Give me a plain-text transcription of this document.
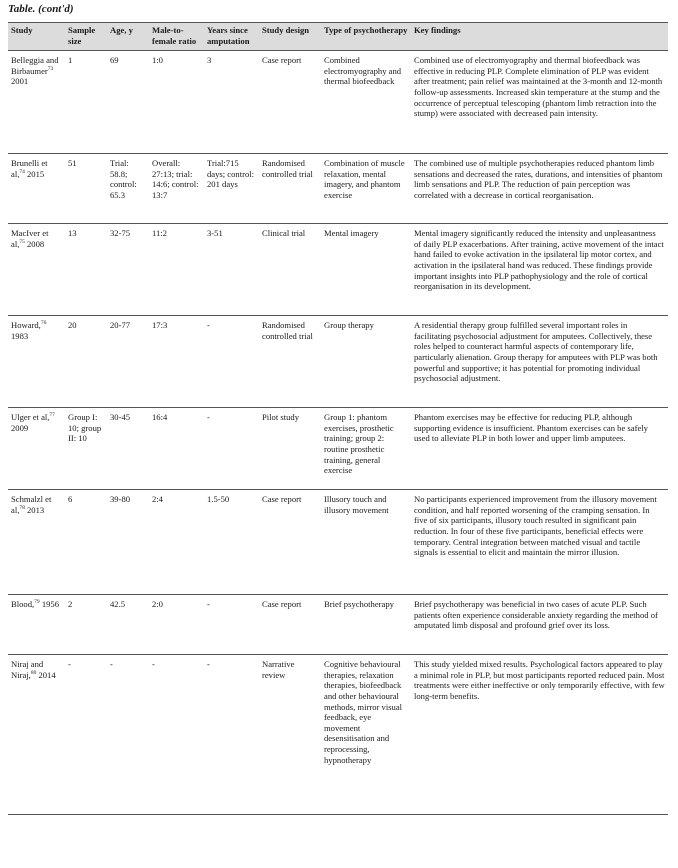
Table. (cont'd)
Study	Sample size	Age, y	Male-to-female ratio	Years since amputation	Study design	Type of psychotherapy	Key findings
Belleggia and Birbaumer$^{73}$ 2001	1	69	1:0	3	Case report	Combined electromyography and thermal biofeedback	Combined use of electromyography and thermal biofeedback was effective in reducing PLP. Complete elimination of PLP was evident after treatment; pain relief was maintained at the 3-month and 12-month follow-up assessments. Increased skin temperature at the stump and the occurrence of perceptual telescoping (phantom limb retraction into the stump) were associated with decreased pain intensity.
Brunelli et al,$^{74}$ 2015	51	Trial: 58.8; control: 65.3	Overall: 27:13; trial: 14:6; control: 13:7	Trial:715 days; control: 201 days	Randomised controlled trial	Combination of muscle relaxation, mental imagery, and phantom exercise	The combined use of multiple psychotherapies reduced phantom limb sensations and decreased the rates, durations, and intensities of phantom limb sensations and PLP. The reduction of pain perception was correlated with a decrease in cortical reorganisation.
MacIver et al,$^{75}$ 2008	13	32-75	11:2	3-51	Clinical trial	Mental imagery	Mental imagery significantly reduced the intensity and unpleasantness of daily PLP exacerbations. After training, active movement of the intact hand failed to evoke activation in the ipsilateral lip motor cortex, and activation in the ipsilateral hand was reduced. These findings provide important insights into PLP pathophysiology and the role of cortical reorganisation in its development.
Howard,$^{76}$ 1983	20	20-77	17:3	-	Randomised controlled trial	Group therapy	A residential therapy group fulfilled several important roles in facilitating psychosocial adjustment for amputees. Collectively, these roles helped to counteract harmful aspects of contemporary life, particularly alienation. Group therapy for amputees with PLP was both powerful and supportive; it has potential for promoting individual psychosocial adjustment.
Ulger et al,$^{77}$ 2009	Group I: 10; group II: 10	30-45	16:4	-	Pilot study	Group 1: phantom exercises, prosthetic training; group 2: routine prosthetic training, general exercise	Phantom exercises may be effective for reducing PLP, although supporting evidence is insufficient. Phantom exercises can be safely used to alleviate PLP in both lower and upper limb amputees.
Schmalzl et al,$^{78}$ 2013	6	39-80	2:4	1.5-50	Case report	Illusory touch and illusory movement	No participants experienced improvement from the illusory movement condition, and half reported worsening of the cramping sensation. In five of six participants, illusory touch resulted in significant pain reduction. In four of these five participants, beneficial effects were temporary. Central integration between matched visual and tactile signals is essential to elicit and maintain the mirror illusion.
Blood,$^{79}$ 1956	2	42.5	2:0	-	Case report	Brief psychotherapy	Brief psychotherapy was beneficial in two cases of acute PLP. Such patients often experience considerable anxiety regarding the method of amputated limb disposal and profound grief over its loss.
Niraj and Niraj,$^{80}$ 2014	-	-	-	-	Narrative review	Cognitive behavioural therapies, relaxation therapies, biofeedback and other behavioural methods, mirror visual feedback, eye movement desensitisation and reprocessing, hypnotherapy	This study yielded mixed results. Psychological factors appeared to play a minimal role in PLP, but most participants reported reduced pain. Most treatments were either ineffective or only temporarily effective, with few long-term benefits.
